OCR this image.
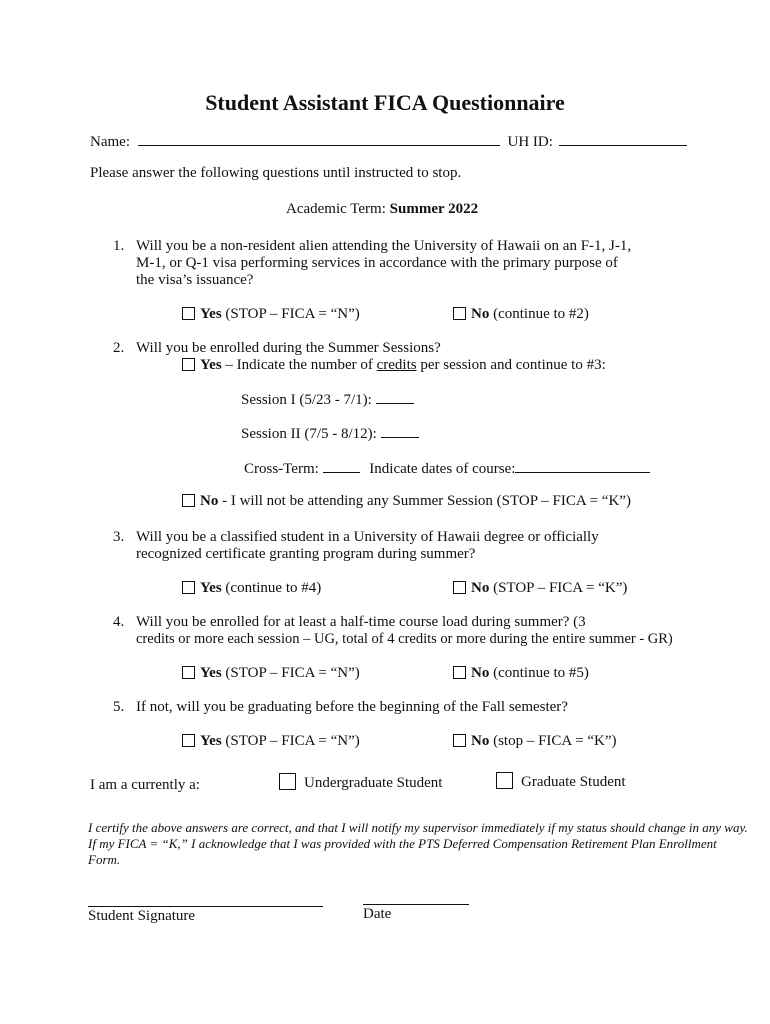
Student Assistant FICA Questionnaire
Name:	UH ID:
Please answer the following questions until instructed to stop.
Academic Term: Summer 2022
1. Will you be a non-resident alien attending the University of Hawaii on an F-1, J-1,
M-1, or Q-1 visa performing services in accordance with the primary purpose of
the visa’s issuance?
Yes (STOP – FICA = “N”)	No (continue to #2)
2. Will you be enrolled during the Summer Sessions?
Yes – Indicate the number of credits per session and continue to #3:
Session I (5/23 - 7/1):
Session II (7/5 - 8/12):
Cross-Term:	Indicate dates of course:
No - I will not be attending any Summer Session (STOP – FICA = “K”)
3. Will you be a classified student in a University of Hawaii degree or officially
recognized certificate granting program during summer?
Yes (continue to #4)	No (STOP – FICA = “K”)
4. Will you be enrolled for at least a half-time course load during summer? (3
credits or more each session – UG, total of 4 credits or more during the entire summer - GR)
Yes (STOP – FICA = “N”)	No (continue to #5)
5. If not, will you be graduating before the beginning of the Fall semester?
Yes (STOP – FICA = “N”)	No (stop – FICA = “K”)
I am a currently a:	Undergraduate Student	Graduate Student
I certify the above answers are correct, and that I will notify my supervisor immediately if my status should change in any way. If my FICA = “K,” I acknowledge that I was provided with the PTS Deferred Compensation Retirement Plan Enrollment Form.
Student Signature	Date
